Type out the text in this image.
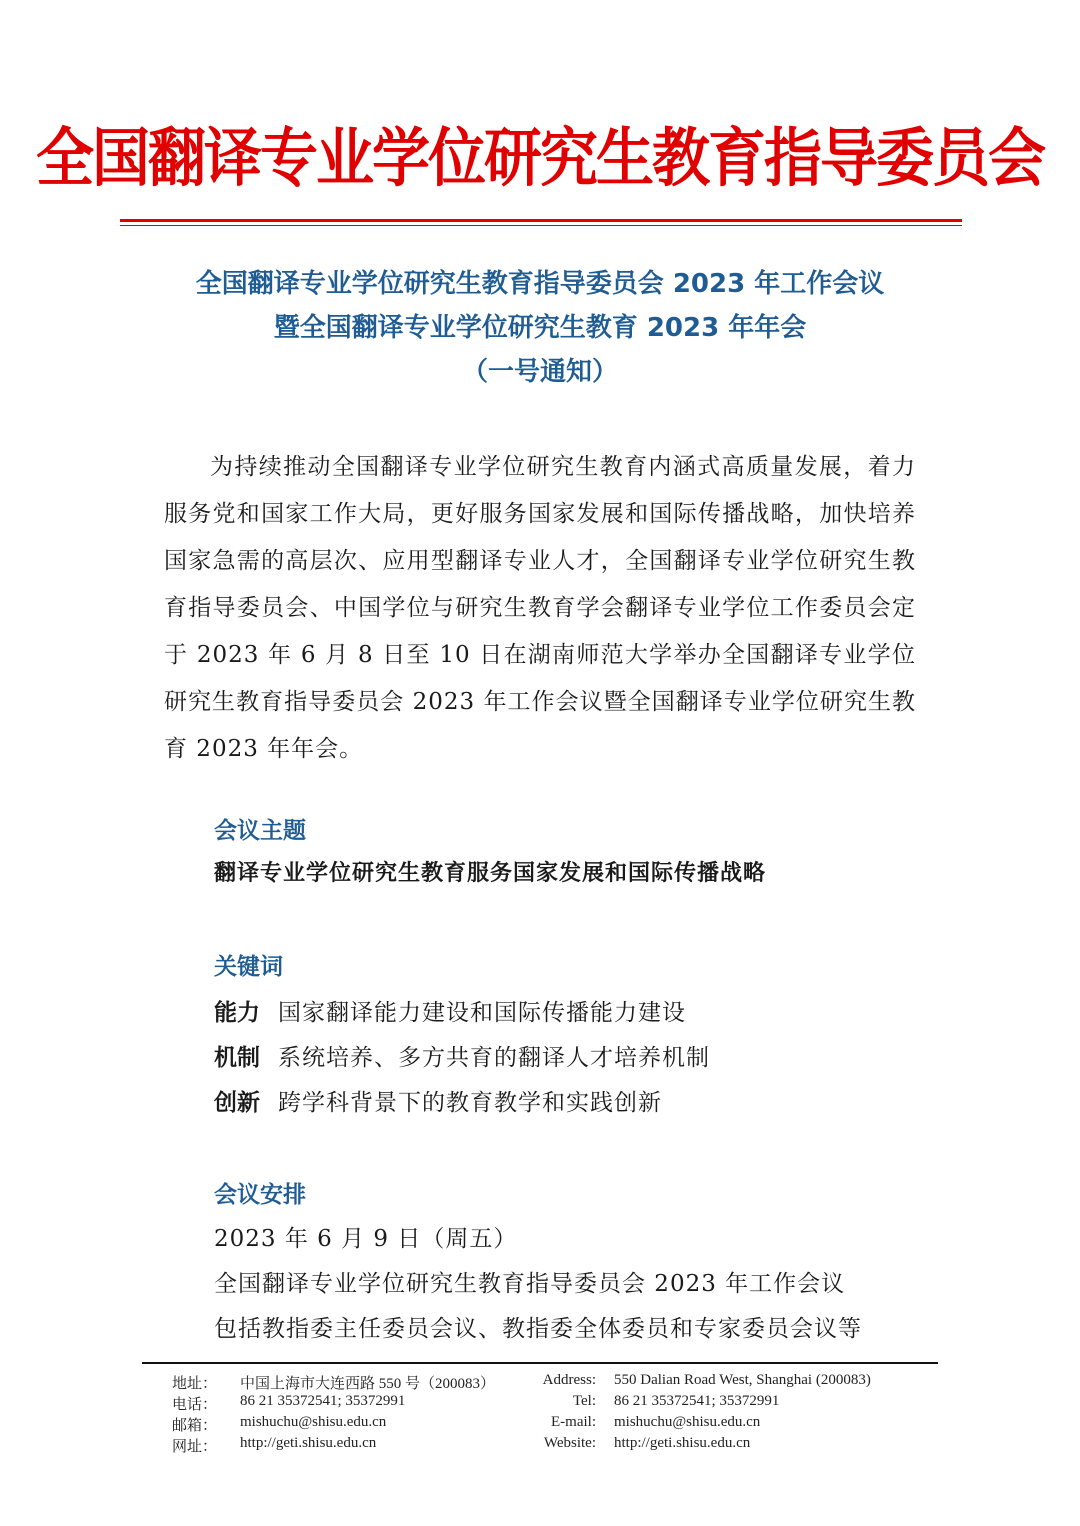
全国翻译专业学位研究生教育指导委员会
全国翻译专业学位研究生教育指导委员会 2023 年工作会议
暨全国翻译专业学位研究生教育 2023 年年会
（一号通知）
为持续推动全国翻译专业学位研究生教育内涵式高质量发展，着力服务党和国家工作大局，更好服务国家发展和国际传播战略，加快培养国家急需的高层次、应用型翻译专业人才，全国翻译专业学位研究生教育指导委员会、中国学位与研究生教育学会翻译专业学位工作委员会定于 2023 年 6 月 8 日至 10 日在湖南师范大学举办全国翻译专业学位研究生教育指导委员会 2023 年工作会议暨全国翻译专业学位研究生教育 2023 年年会。
会议主题
翻译专业学位研究生教育服务国家发展和国际传播战略
关键词
能力 国家翻译能力建设和国际传播能力建设
机制 系统培养、多方共育的翻译人才培养机制
创新 跨学科背景下的教育教学和实践创新
会议安排
2023 年 6 月 9 日（周五）
全国翻译专业学位研究生教育指导委员会 2023 年工作会议
包括教指委主任委员会议、教指委全体委员和专家委员会议等
地址： 中国上海市大连西路 550 号（200083）	Address: 550 Dalian Road West, Shanghai (200083)
电话： 86 21 35372541; 35372991	Tel: 86 21 35372541; 35372991
邮箱： mishuchu@shisu.edu.cn	E-mail: mishuchu@shisu.edu.cn
网址： http://geti.shisu.edu.cn	Website: http://geti.shisu.edu.cn
